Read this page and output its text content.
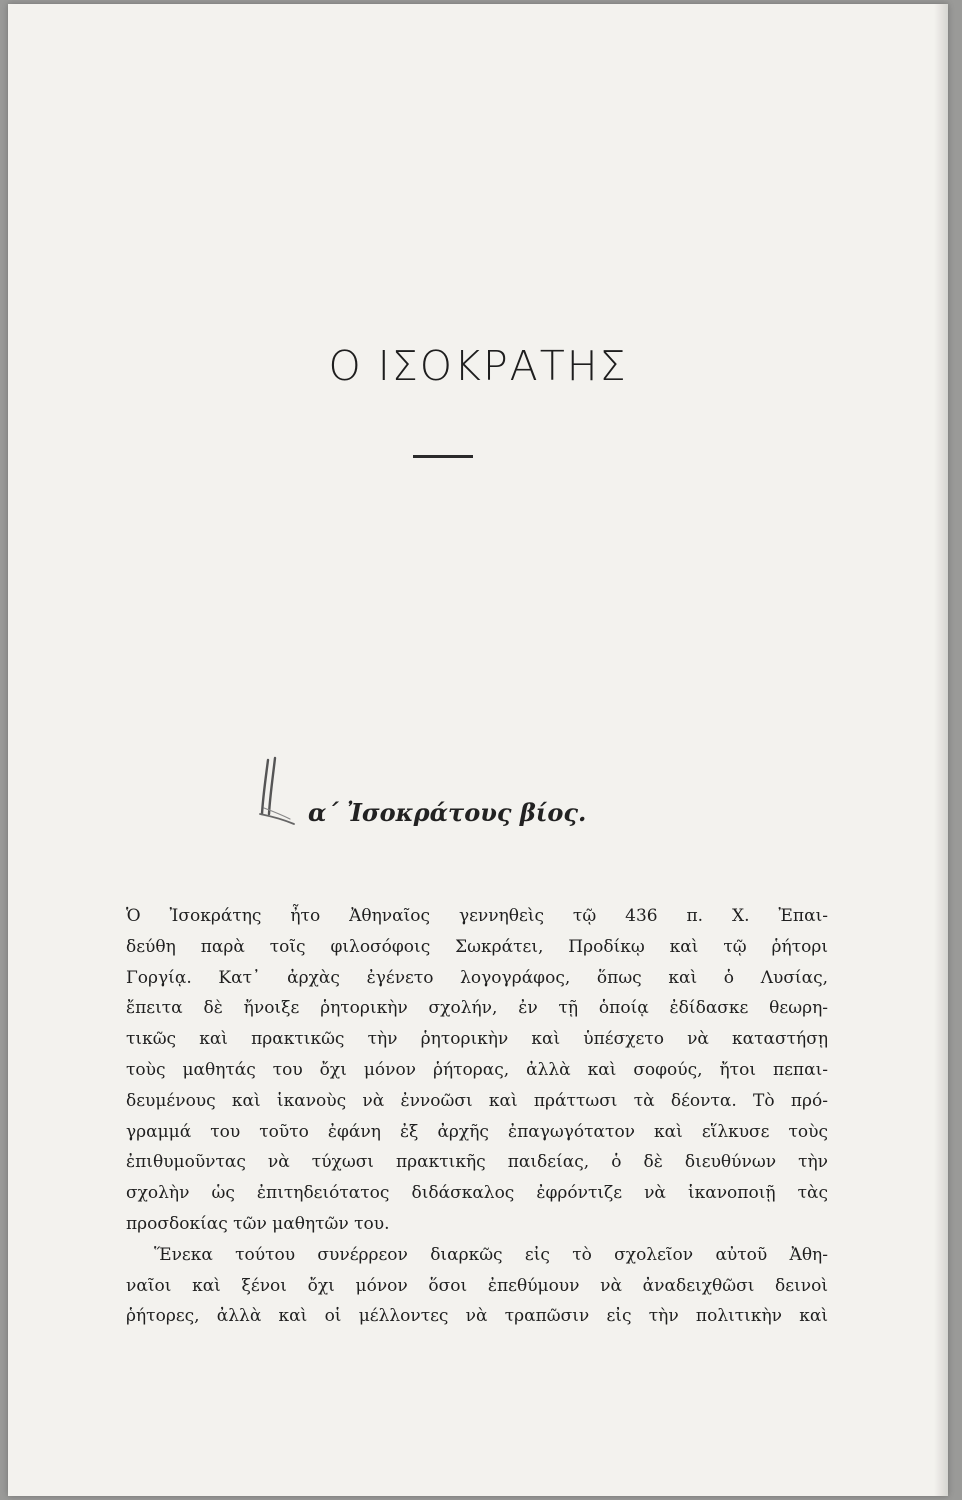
Ο ΙΣΟΚΡΑΤΗΣ
α΄ Ἰσοκράτους βίος.

Ὁ Ἰσοκράτης ἦτο Ἀθηναῖος γεννηθεὶς τῷ 436 π. Χ. Ἐπαι-
δεύθη παρὰ τοῖς φιλοσόφοις Σωκράτει, Προδίκῳ καὶ τῷ ῥήτορι
Γοργίᾳ. Κατ᾽ ἀρχὰς ἐγένετο λογογράφος, ὅπως καὶ ὁ Λυσίας,
ἔπειτα δὲ ἤνοιξε ῥητορικὴν σχολήν, ἐν τῇ ὁποίᾳ ἐδίδασκε θεωρη-
τικῶς καὶ πρακτικῶς τὴν ῥητορικὴν καὶ ὑπέσχετο νὰ καταστήσῃ
τοὺς μαθητάς του ὄχι μόνον ῥήτορας, ἀλλὰ καὶ σοφούς, ἤτοι πεπαι-
δευμένους καὶ ἱκανοὺς νὰ ἐννοῶσι καὶ πράττωσι τὰ δέοντα. Τὸ πρό-
γραμμά του τοῦτο ἐφάνη ἐξ ἀρχῆς ἐπαγωγότατον καὶ εἵλκυσε τοὺς
ἐπιθυμοῦντας νὰ τύχωσι πρακτικῆς παιδείας, ὁ δὲ διευθύνων τὴν
σχολὴν ὡς ἐπιτηδειότατος διδάσκαλος ἐφρόντιζε νὰ ἱκανοποιῇ τὰς
προσδοκίας τῶν μαθητῶν του.

Ἕνεκα τούτου συνέρρεον διαρκῶς εἰς τὸ σχολεῖον αὐτοῦ Ἀθη-
ναῖοι καὶ ξένοι ὄχι μόνον ὅσοι ἐπεθύμουν νὰ ἀναδειχθῶσι δεινοὶ
ῥήτορες, ἀλλὰ καὶ οἱ μέλλοντες νὰ τραπῶσιν εἰς τὴν πολιτικὴν καὶ
